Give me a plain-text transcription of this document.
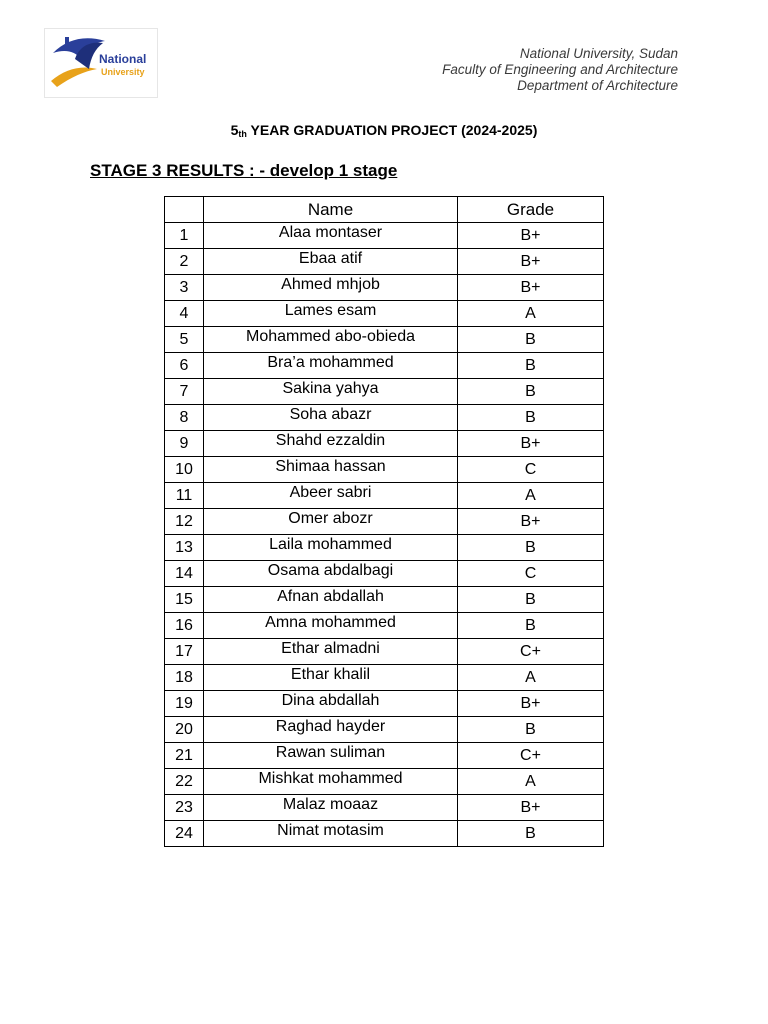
National
University
National University, Sudan
Faculty of Engineering and Architecture
Department of Architecture
$5_{th}$ YEAR GRADUATION PROJECT (2024-2025)
STAGE 3 RESULTS : - develop 1 stage
	Name	Grade
1	Alaa montaser	B+
2	Ebaa atif	B+
3	Ahmed mhjob	B+
4	Lames esam	A
5	Mohammed abo-obieda	B
6	Bra’a mohammed	B
7	Sakina yahya	B
8	Soha abazr	B
9	Shahd ezzaldin	B+
10	Shimaa hassan	C
11	Abeer sabri	A
12	Omer abozr	B+
13	Laila mohammed	B
14	Osama abdalbagi	C
15	Afnan abdallah	B
16	Amna mohammed	B
17	Ethar almadni	C+
18	Ethar khalil	A
19	Dina abdallah	B+
20	Raghad hayder	B
21	Rawan suliman	C+
22	Mishkat mohammed	A
23	Malaz moaaz	B+
24	Nimat motasim	B
